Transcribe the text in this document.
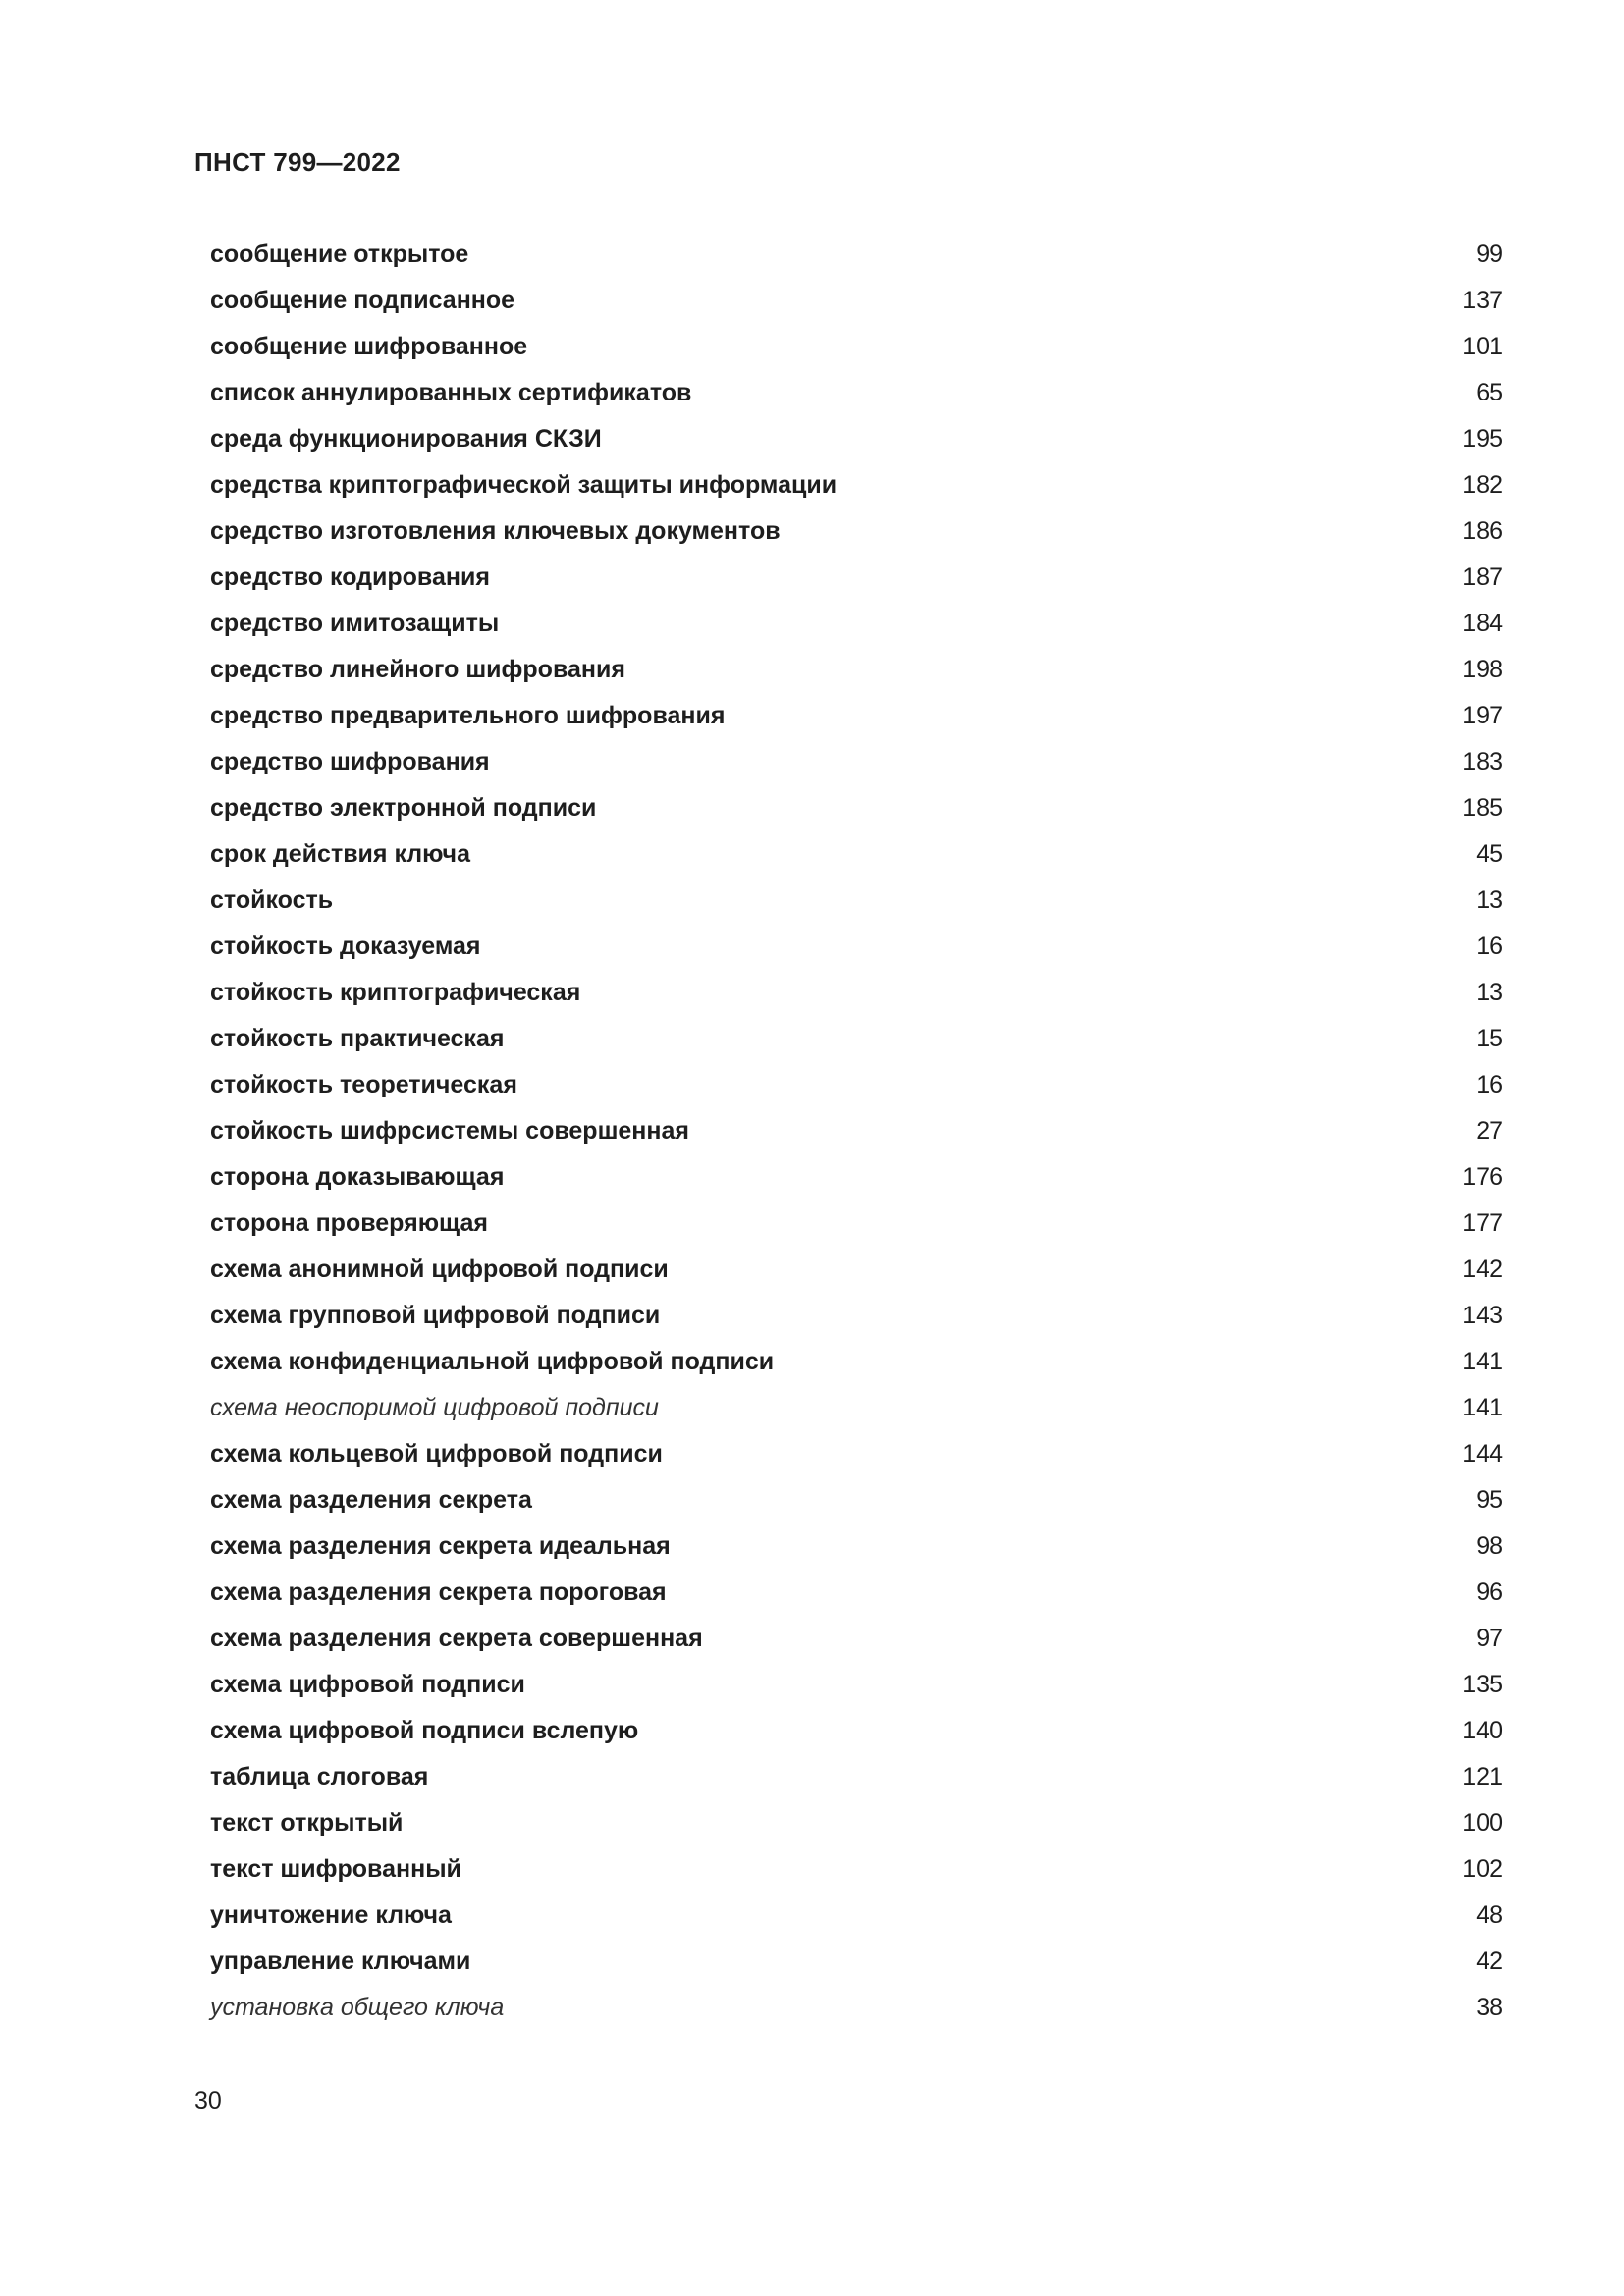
ПНСТ 799—2022
сообщение открытое	99
сообщение подписанное	137
сообщение шифрованное	101
список аннулированных сертификатов	65
среда функционирования СКЗИ	195
средства криптографической защиты информации	182
средство изготовления ключевых документов	186
средство кодирования	187
средство имитозащиты	184
средство линейного шифрования	198
средство предварительного шифрования	197
средство шифрования	183
средство электронной подписи	185
срок действия ключа	45
стойкость	13
стойкость доказуемая	16
стойкость криптографическая	13
стойкость практическая	15
стойкость теоретическая	16
стойкость шифрсистемы совершенная	27
сторона доказывающая	176
сторона проверяющая	177
схема анонимной цифровой подписи	142
схема групповой цифровой подписи	143
схема конфиденциальной цифровой подписи	141
схема неоспоримой цифровой подписи	141
схема кольцевой цифровой подписи	144
схема разделения секрета	95
схема разделения секрета идеальная	98
схема разделения секрета пороговая	96
схема разделения секрета совершенная	97
схема цифровой подписи	135
схема цифровой подписи вслепую	140
таблица слоговая	121
текст открытый	100
текст шифрованный	102
уничтожение ключа	48
управление ключами	42
установка общего ключа	38

30
